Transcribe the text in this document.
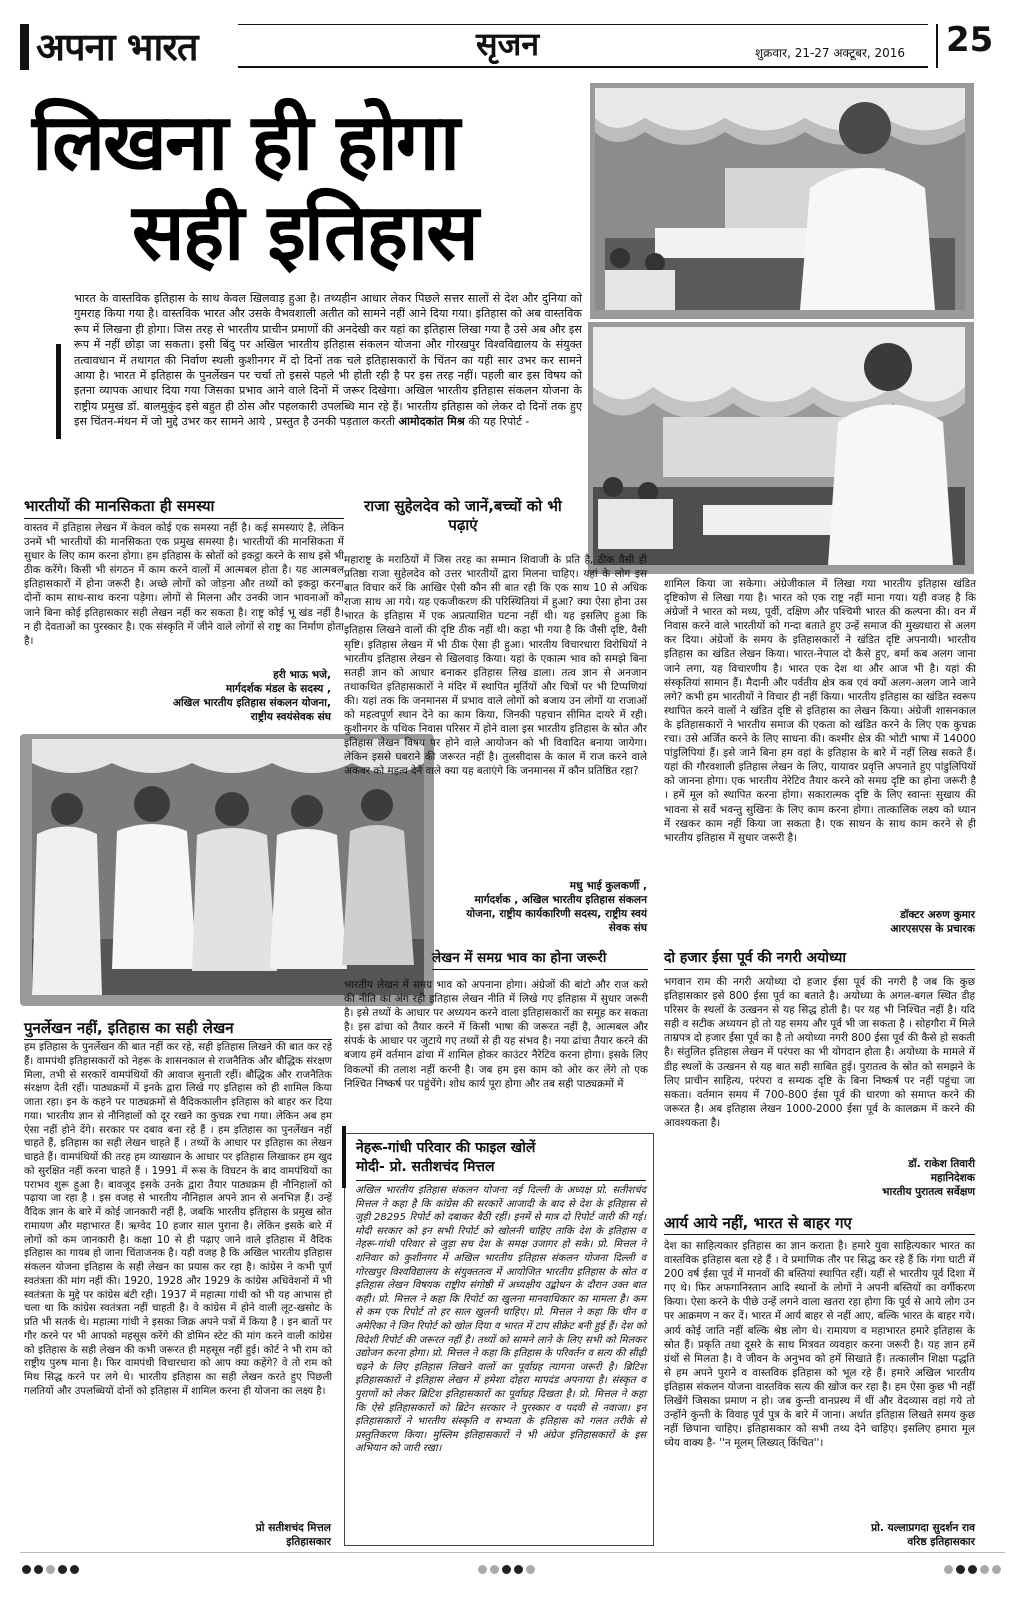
अपना भारत	सृजन	शुक्रवार, 21-27 अक्टूबर, 2016 25
लिखना ही होगा
सही इतिहास
भारत के वास्तविक इतिहास के साथ केवल खिलवाड़ हुआ है। तथ्यहीन आधार लेकर पिछले सत्तर सालों से देश और दुनिया को गुमराह किया गया है। वास्तविक भारत और उसके वैभवशाली अतीत को सामने नहीं आने दिया गया। इतिहास को अब वास्तविक रूप में लिखना ही होगा। जिस तरह से भारतीय प्राचीन प्रमाणों की अनदेखी कर यहां का इतिहास लिखा गया है उसे अब और इस रूप में नहीं छोड़ा जा सकता। इसी बिंदु पर अखिल भारतीय इतिहास संकलन योजना और गोरखपुर विश्वविद्यालय के संयुक्त तत्वावधान में तथागत की निर्वाण स्थली कुशीनगर में दो दिनों तक चले इतिहासकारों के चिंतन का यही सार उभर कर सामने आया है। भारत में इतिहास के पुनर्लेखन पर चर्चा तो इससे पहले भी होती रही है पर इस तरह नहीं। पहली बार इस विषय को इतना व्यापक आधार दिया गया जिसका प्रभाव आने वाले दिनों में जरूर दिखेगा। अखिल भारतीय इतिहास संकलन योजना के राष्ट्रीय प्रमुख डॉ. बालमुकुंद इसे बहुत ही ठोस और पहलकारी उपलब्धि मान रहे हैं। भारतीय इतिहास को लेकर दो दिनों तक हुए इस चिंतन-मंथन में जो मुद्दे उभर कर सामने आये , प्रस्तुत है उनकी पड़ताल करती आमोदकांत मिश्र की यह रिपोर्ट -
भारतीयों की मानसिकता ही समस्या
वास्तव में इतिहास लेखन में केवल कोई एक समस्या नहीं है। कई समस्याएं है, लेकिन उनमें भी भारतीयों की मानसिकता एक प्रमुख समस्या है। भारतीयों की मानसिकता में सुधार के लिए काम करना होगा। हम इतिहास के स्रोतों को इकट्ठा करने के साथ इसे भी ठीक करेंगे। किसी भी संगठन में काम करने वालों में आत्मबल होता है। यह आत्मबल इतिहासकारों में होना जरूरी है। अच्छे लोगों को जोड़ना और तथ्यों को इकट्ठा करना दोनों काम साथ-साथ करना पड़ेगा। लोगों से मिलना और उनकी जान भावनाओं को जाने बिना कोई इतिहासकार सही लेखन नहीं कर सकता है। राष्ट्र कोई भू खंड नहीं है। न ही देवताओं का पुरस्कार है। एक संस्कृति में जीने वाले लोगों से राष्ट्र का निर्माण होता है।
हरी भाऊ भजे,
मार्गदर्शक मंडल के सदस्य ,
अखिल भारतीय इतिहास संकलन योजना,
राष्ट्रीय स्वयंसेवक संघ
राजा सुहेलदेव को जानें,बच्चों को भी पढ़ाएं
महाराष्ट्र के मराठियों में जिस तरह का सम्मान शिवाजी के प्रति है, ठीक वैसी ही प्रतिष्ठा राजा सुहेलदेव को उत्तर भारतीयों द्वारा मिलना चाहिए। यहां के लोग इस बात विचार करें कि आखिर ऐसी कौन सी बात रही कि एक साथ 10 से अधिक राजा साथ आ गये। यह एकजीकरण की परिस्थितियां में हुआ? क्या ऐसा होना उस भारत के इतिहास में एक अप्रत्याशित घटना नहीं थी। यह इसलिए हुआ कि इतिहास लिखने वालों की दृष्टि ठीक नहीं थी। कहा भी गया है कि जैसी दृष्टि, वैसी सृष्टि। इतिहास लेखन में भी ठीक ऐसा ही हुआ। भारतीय विचारधारा विरोधियों ने भारतीय इतिहास लेखन से खिलवाड़ किया। यहां के एकात्म भाव को समझे बिना सतही ज्ञान को आधार बनाकर इतिहास लिख डाला। तत्व ज्ञान से अनजान तथाकथित इतिहासकारों ने मंदिर में स्थापित मूर्तियों और चित्रों पर भी टिप्पणियां की। यहां तक कि जनमानस में प्रभाव वाले लोगों को बजाय उन लोगों या राजाओं को महत्वपूर्ण स्थान देने का काम किया, जिनकी पहचान सीमित दायरे में रही। कुशीनगर के पथिक निवास परिसर में होने वाला इस भारतीय इतिहास के स्रोत और इतिहास लेखन विषय पर होने वाले आयोजन को भी विवादित बनाया जायेगा। लेकिन इससे घबराने की जरूरत नहीं है। तुलसीदास के काल में राज करने वाले अकबर को महत्व देने वाले क्या यह बताएंगे कि जनमानस में कौन प्रतिष्ठित रहा?
मधु भाई कुलकर्णी ,
मार्गदर्शक , अखिल भारतीय इतिहास संकलन
योजना, राष्ट्रीय कार्यकारिणी सदस्य, राष्ट्रीय स्वयं
सेवक संघ
शामिल किया जा सकेगा। अंग्रेजीकाल में लिखा गया भारतीय इतिहास खंडित दृष्टिकोण से लिखा गया है। भारत को एक राष्ट्र नहीं माना गया। यही वजह है कि अंग्रेजों ने भारत को मध्य, पूर्वी, दक्षिण और पश्चिमी भारत की कल्पना की। वन में निवास करने वाले भारतीयों को गन्दा बताते हुए उन्हें समाज की मुख्यधारा से अलग कर दिया। अंग्रेजों के समय के इतिहासकारों ने खंडित दृष्टि अपनायी। भारतीय इतिहास का खंडित लेखन किया। भारत-नेपाल दो कैसे हुए, बर्मा कब अलग जाना जाने लगा, यह विचारणीय है। भारत एक देश था और आज भी है। यहां की संस्कृतियां सामान हैं। मैदानी और पर्वतीय क्षेत्र कब एवं क्यों अलग-अलग जाने जाने लगे? कभी हम भारतीयों ने विचार ही नहीं किया। भारतीय इतिहास का खंडित स्वरूप स्थापित करने वालों ने खंडित दृष्टि से इतिहास का लेखन किया। अंग्रेजी शासनकाल के इतिहासकारों ने भारतीय समाज की एकता को खंडित करने के लिए एक कुचक्र रचा। उसे अर्जित करने के लिए साधना की। कश्मीर क्षेत्र की भोटी भाषा में 14000 पांडुलिपियां हैं। इसे जाने बिना हम वहां के इतिहास के बारे में नहीं लिख सकते हैं। यहां की गौरवशाली इतिहास लेखन के लिए, यायावर प्रवृत्ति अपनाते हुए पांडुलिपियों को जानना होगा। एक भारतीय नेरेटिव तैयार करने को समग्र दृष्टि का होना जरूरी है । हमें मूल को स्थापित करना होगा। सकारात्मक दृष्टि के लिए स्वान्तः सुखाय की भावना से सर्वे भवन्तु सुखिनः के लिए काम करना होगा। तात्कालिक लक्ष्य को ध्यान में रखकर काम नहीं किया जा सकता है। एक साधन के साथ काम करने से ही भारतीय इतिहास में सुधार जरूरी है।
डॉक्टर अरुण कुमार
आरएसएस के प्रचारक
लेखन में समग्र भाव का होना जरूरी
भारतीय लेखन में समग्र भाव को अपनाना होगा। अंग्रेजों की बांटो और राज करो की नीति का अंग रही इतिहास लेखन नीति में लिखे गए इतिहास में सुधार जरूरी है। इसे तथ्यों के आधार पर अध्ययन करने वाला इतिहासकारों का समूह कर सकता है। इस ढांचा को तैयार करने में किसी भाषा की जरूरत नहीं है, आत्मबल और संपर्क के आधार पर जुटाये गए तथ्यों से ही यह संभव है। नया ढांचा तैयार करने की बजाय हमें वर्तमान ढांचा में शामिल होकर काउंटर नैरेटिव करना होगा। इसके लिए विकल्पों की तलाश नहीं करनी है। जब हम इस काम को ओर कर लेंगे तो एक निश्चित निष्कर्ष पर पहुंचेंगे। शोध कार्य पूरा होगा और तब सही पाठ्यक्रमों में
दो हजार ईसा पूर्व की नगरी अयोध्या
भगवान राम की नगरी अयोध्या दो हजार ईसा पूर्व की नगरी है जब कि कुछ इतिहासकार इसे 800 ईसा पूर्व का बताते है। अयोध्या के अगल-बगल स्थित डीह परिसर के स्थलों के उत्खनन से यह सिद्ध होती है। पर यह भी निश्चित नहीं है। यदि सही व सटीक अध्ययन हो तो यह समय और पूर्व भी जा सकता है । सोहगौरा में मिले ताम्रपत्र दो हजार ईसा पूर्व का है तो अयोध्या नगरी 800 ईसा पूर्व की कैसे हो सकती है। संतुलित इतिहास लेखन में परंपरा का भी योगदान होता है। अयोध्या के मामले में डीह स्थलों के उत्खनन से यह बात सही साबित हुई। पुरातत्व के स्रोत को समझने के लिए प्राचीन साहित्य, परंपरा व सम्यक दृष्टि के बिना निष्कर्ष पर नहीं पहुंचा जा सकता। वर्तमान समय में 700-800 ईसा पूर्व की धारणा को समाप्त करने की जरूरत है। अब इतिहास लेखन 1000-2000 ईसा पूर्व के कालक्रम में करने की आवश्यकता है।
डॉ. राकेश तिवारी
महानिदेशक
भारतीय पुरातत्व सर्वेक्षण
आर्य आये नहीं, भारत से बाहर गए
देश का साहित्यकार इतिहास का ज्ञान कराता है। हमारे युवा साहित्यकार भारत का वास्तविक इतिहास बता रहे हैं । वे प्रमाणिक तौर पर सिद्ध कर रहे हैं कि गंगा घाटी में 200 वर्ष ईसा पूर्व में मानवों की बस्तियां स्थापित रहीं। यहीं से भारतीय पूर्व दिशा में गए थे। फिर अफगानिस्तान आदि स्थानों के लोगों ने अपनी बस्तियों का वर्गीकरण किया। ऐसा करने के पीछे उन्हें लगने वाला खतरा रहा होगा कि पूर्व से आये लोग उन पर आक्रमण न कर दें। भारत में आर्य बाहर से नहीं आए, बल्कि भारत के बाहर गये। आर्य कोई जाति नहीं बल्कि श्रेष्ठ लोग थे। रामायण व महाभारत हमारे इतिहास के स्रोत हैं। प्रकृति तथा दूसरे के साथ मित्रवत व्यवहार करना जरूरी है। यह ज्ञान हमें ग्रंथों से मिलता है। वे जीवन के अनुभव को हमें सिखाते हैं। तत्कालीन शिक्षा पद्धति से हम अपने पुराने व वास्तविक इतिहास को भूल रहे हैं। हमारे अखिल भारतीय इतिहास संकलन योजना वास्तविक सत्य की खोज कर रहा है। हम ऐसा कुछ भी नहीं लिखेंगे जिसका प्रमाण न हो। जब कुन्ती वानप्रस्थ में थीं और वेदव्यास वहां गये तो उन्होंने कुन्ती के विवाह पूर्व पुत्र के बारे में जाना। अर्थात इतिहास लिखते समय कुछ नहीं छिपाना चाहिए। इतिहासकार को सभी तथ्य देने चाहिए। इसलिए हमारा मूल ध्येय वाक्य है- ''न मूलम् लिख्यत् किंचित''।
प्रो. यल्लाप्रगदा सुदर्शन राव
वरिष्ठ इतिहासकार
पुनर्लेखन नहीं, इतिहास का सही लेखन
हम इतिहास के पुनर्लेखन की बात नहीं कर रहे, सही इतिहास लिखने की बात कर रहे हैं। वामपंथी इतिहासकारों को नेहरू के शासनकाल से राजनैतिक और बौद्धिक संरक्षण मिला, तभी से सरकारें वामपंथियों की आवाज सुनाती रहीं। बौद्धिक और राजनैतिक संरक्षण देती रहीं। पाठ्यक्रमों में इनके द्वारा लिखे गए इतिहास को ही शामिल किया जाता रहा। इन के कहने पर पाठ्यक्रमों से वैदिककालीन इतिहास को बाहर कर दिया गया। भारतीय ज्ञान से नौनिहालों को दूर रखने का कुचक्र रचा गया। लेकिन अब हम ऐसा नहीं होने देंगे। सरकार पर दबाव बना रहे हैं । हम इतिहास का पुनर्लेखन नहीं चाहते हैं, इतिहास का सही लेखन चाहते हैं । तथ्यों के आधार पर इतिहास का लेखन चाहते हैं। वामपंथियों की तरह हम व्याख्यान के आधार पर इतिहास लिखाकर हम खुद को सुरक्षित नहीं करना चाहते हैं । 1991 में रूस के विघटन के बाद वामपंथियों का पराभव शुरू हुआ है। बावजूद इसके उनके द्वारा तैयार पाठ्यक्रम ही नौनिहालों को पढ़ाया जा रहा है । इस वजह से भारतीय नौनिहाल अपने ज्ञान से अनभिज्ञ हैं। उन्हें वैदिक ज्ञान के बारे में कोई जानकारी नहीं है, जबकि भारतीय इतिहास के प्रमुख स्रोत रामायण और महाभारत हैं। ऋग्वेद 10 हजार साल पुराना है। लेकिन इसके बारे में लोगों को कम जानकारी है। कक्षा 10 से ही पढ़ाए जाने वाले इतिहास में वैदिक इतिहास का गायब हो जाना चिंताजनक है। यही वजह है कि अखिल भारतीय इतिहास संकलन योजना इतिहास के सही लेखन का प्रयास कर रहा है। कांग्रेस ने कभी पूर्ण स्वतंत्रता की मांग नहीं की। 1920, 1928 और 1929 के कांग्रेस अधिवेशनों में भी स्वतंत्रता के मुद्दे पर कांग्रेस बंटी रही। 1937 में महात्मा गांधी को भी यह आभास हो चला था कि कांग्रेस स्वतंत्रता नहीं चाहती है। वे कांग्रेस में होने वाली लूट-खसोट के प्रति भी सतर्क थे। महात्मा गांधी ने इसका जिक्र अपने पत्रों में किया है । इन बातों पर गौर करने पर भी आपको महसूस करेंगे की डोमिन स्टेट की मांग करने वाली कांग्रेस को इतिहास के सही लेखन की कभी जरूरत ही महसूस नहीं हुई। कोर्ट ने भी राम को राष्ट्रीय पुरुष माना है। फिर वामपंथी विचारधारा को आप क्या कहेंगे? वे तो राम को मिथ सिद्ध करने पर लगे थे। भारतीय इतिहास का सही लेखन करते हुए पिछली गलतियों और उपलब्धियों दोनों को इतिहास में शामिल करना ही योजना का लक्ष्य है।
प्रो सतीशचंद मित्तल
इतिहासकार
नेहरू-गांधी परिवार की फाइल खोलें
मोदी- प्रो. सतीशचंद मित्तल
अखिल भारतीय इतिहास संकलन योजना नई दिल्ली के अध्यक्ष प्रो. सतीशचंद मित्तल ने कहा है कि कांग्रेस की सरकारें आजादी के बाद से देश के इतिहास से जुड़ी 28295 रिपोर्ट को दबाकर बैठी रहीं। इनमें से मात्र दो रिपोर्ट जारी की गई। मोदी सरकार को इन सभी रिपोर्ट को खोलनी चाहिए ताकि देश के इतिहास व नेहरू-गांधी परिवार से जुड़ा सच देश के समक्ष उजागर हो सके। प्रो. मित्तल ने शनिवार को कुशीनगर में अखिल भारतीय इतिहास संकलन योजना दिल्ली व गोरखपुर विश्वविद्यालय के संयुक्ततत्व में आयोजित भारतीय इतिहास के स्रोत व इतिहास लेखन विषयक राष्ट्रीय संगोष्ठी में अध्यक्षीय उद्बोधन के दौरान उक्त बात कही। प्रो. मित्तल ने कहा कि रिपोर्ट का खुलना मानवाधिकार का मामला है। कम से कम एक रिपोर्ट तो हर साल खुलनी चाहिए। प्रो. मित्तल ने कहा कि चीन व अमेरिका ने जिन रिपोर्ट को खोल दिया व भारत में टाप सीक्रेट बनी हुई हैं। देश को विदेशी रिपोर्ट की जरूरत नहीं है। तथ्यों को सामने लाने के लिए सभी को मिलकर उद्योजन करना होगा। प्रो. मित्तल ने कहा कि इतिहास के परिवर्तन व सत्य की सीढ़ी चढ़ने के लिए इतिहास लिखने वालों का पूर्वाग्रह त्यागना जरूरी है। ब्रिटिश इतिहासकारों ने इतिहास लेखन में हमेशा दोहरा मापदंड अपनाया है। संस्कृत व पुराणों को लेकर ब्रिटिश इतिहासकारों का पूर्वाग्रह दिखता है। प्रो. मित्तल ने कहा कि ऐसे इतिहासकारों को ब्रिटेन सरकार ने पुरस्कार व पदवी से नवाजा। इन इतिहासकारों ने भारतीय संस्कृति व सभ्यता के इतिहास को गलत तरीके से प्रस्तुतिकरण किया। मुस्लिम इतिहासकारों ने भी अंग्रेज इतिहासकारों के इस अभियान को जारी रखा।
